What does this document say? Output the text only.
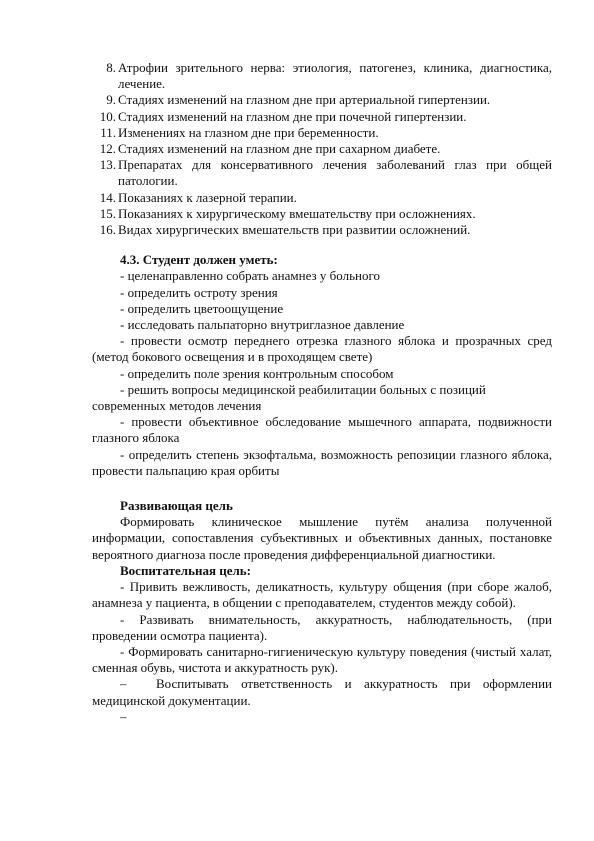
8. Атрофии зрительного нерва: этиология, патогенез, клиника, диагностика, лечение.
9. Стадиях изменений на глазном дне при артериальной гипертензии.
10. Стадиях изменений на глазном дне при почечной гипертензии.
11. Изменениях на глазном дне при беременности.
12. Стадиях изменений на глазном дне при сахарном диабете.
13. Препаратах для консервативного лечения заболеваний глаз при общей патологии.
14. Показаниях к лазерной терапии.
15. Показаниях к хирургическому вмешательству при осложнениях.
16. Видах хирургических вмешательств при развитии осложнений.

4.3. Студент должен уметь:

- целенаправленно собрать анамнез у больного

- определить остроту зрения

- определить цветоощущение

- исследовать пальпаторно внутриглазное давление

- провести осмотр переднего отрезка глазного яблока и прозрачных сред (метод бокового освещения и в проходящем свете)

- определить поле зрения контрольным способом

- решить вопросы медицинской реабилитации больных с позиций современных методов лечения

- провести объективное обследование мышечного аппарата, подвижности глазного яблока

- определить степень экзофтальма, возможность репозиции глазного яблока, провести пальпацию края орбиты

Развивающая цель

Формировать клиническое мышление путём анализа полученной информации, сопоставления субъективных и объективных данных, постановке вероятного диагноза после проведения дифференциальной диагностики.

Воспитательная цель:

- Привить вежливость, деликатность, культуру общения (при сборе жалоб, анамнеза у пациента, в общении с преподавателем, студентов между собой).

- Развивать внимательность, аккуратность, наблюдательность, (при проведении осмотра пациента).

- Формировать санитарно-гигиеническую культуру поведения (чистый халат, сменная обувь, чистота и аккуратность рук).

– Воспитывать ответственность и аккуратность при оформлении медицинской документации.

–
